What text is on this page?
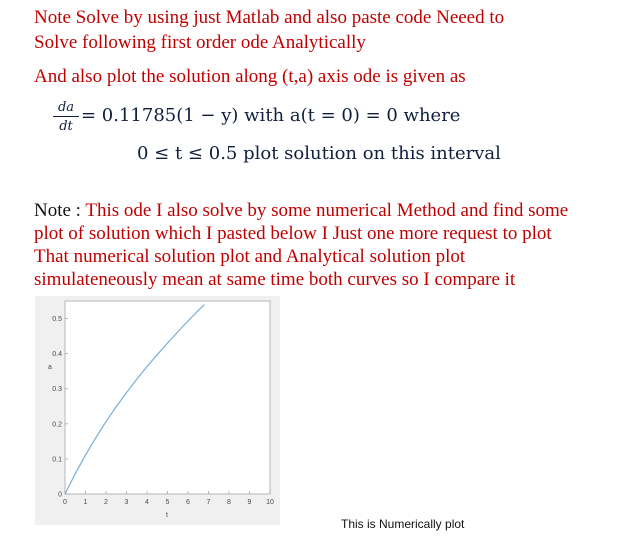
Note Solve by using just Matlab and also paste code Neeed to
Solve following first order ode Analytically
And also plot the solution along (t,a) axis ode is given as
da
dt
= 0.11785(1 − y) with a(t = 0) = 0 where
0 ≤ t ≤ 0.5 plot solution on this interval
Note : This ode I also solve by some numerical Method and find some
plot of solution which I pasted below I Just one more request to plot
That numerical solution plot and Analytical solution plot
simulateneously mean at same time both curves so I compare it
0 1 2 3 4 5 6 7 8 9 10
0
0.1
0.2
0.3
0.4
0.5
t
a
This is Numerically plot
